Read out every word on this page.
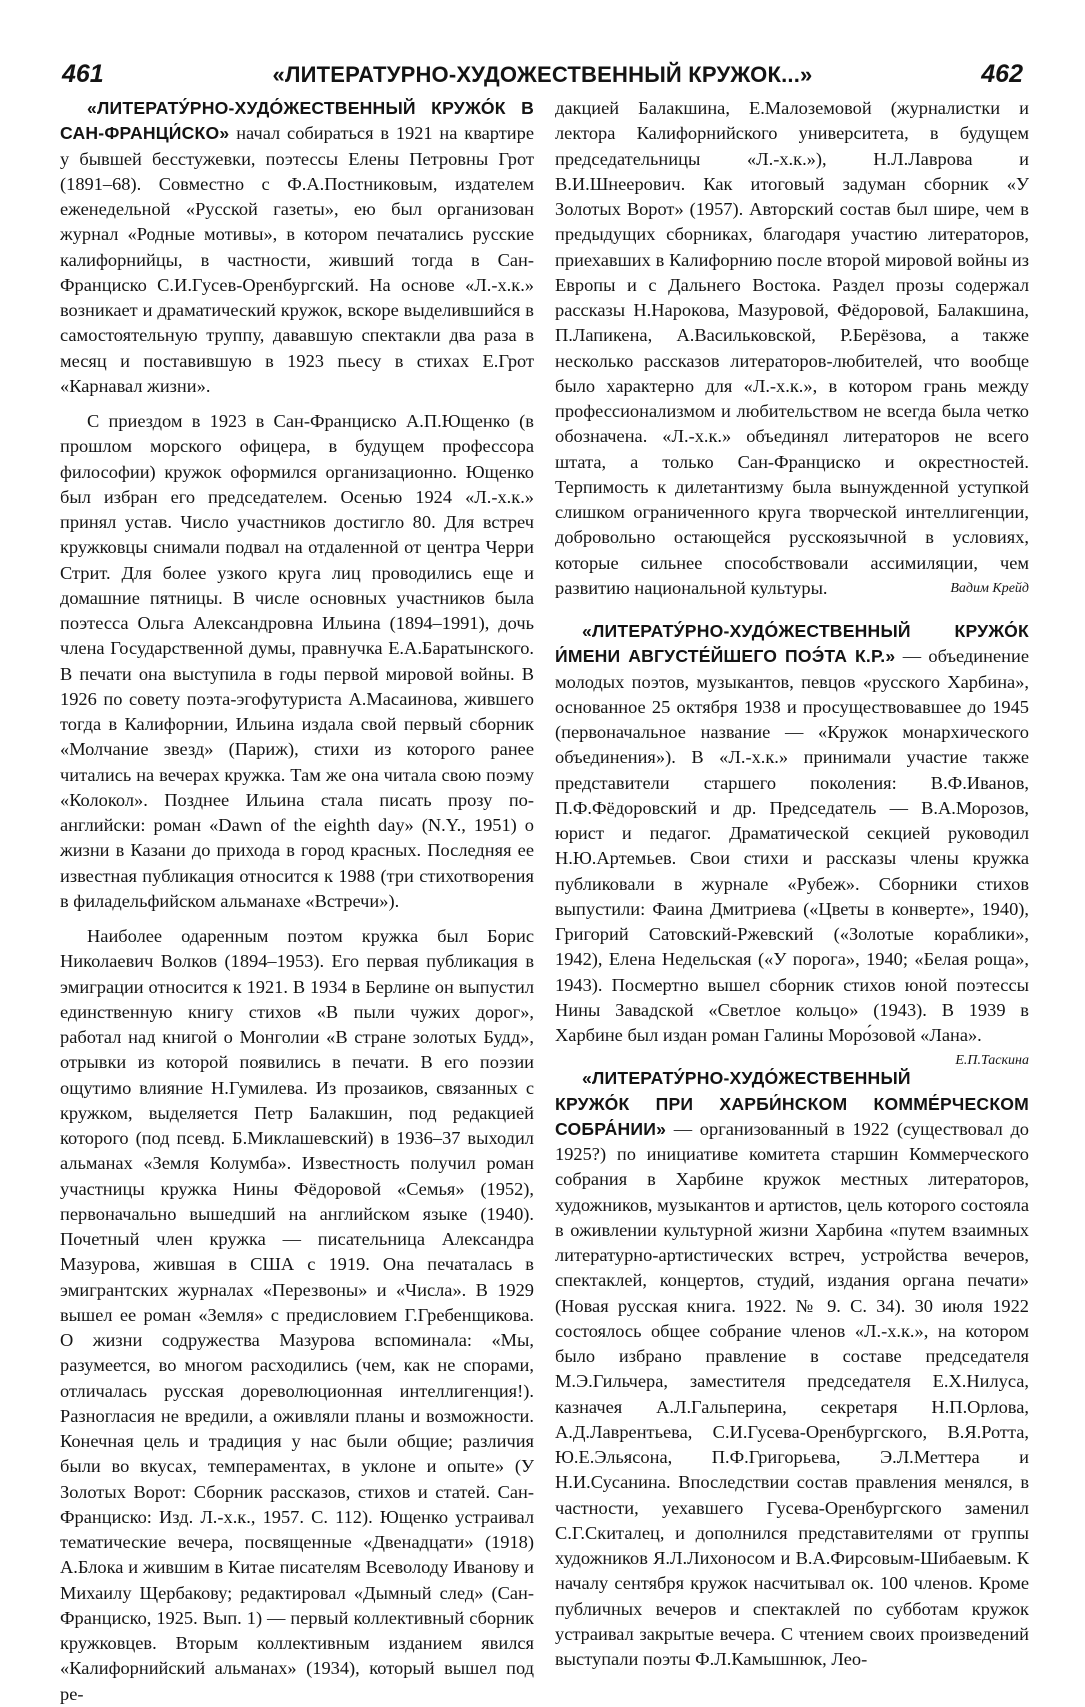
461	«ЛИТЕРАТУРНО-ХУДОЖЕСТВЕННЫЙ КРУЖОК...»	462

«ЛИТЕРАТУ́РНО-ХУДО́ЖЕСТВЕННЫЙ КРУЖО́К В САН-ФРАНЦИ́СКО» начал собираться в 1921 на квартире у бывшей бесстужевки, поэтессы Елены Петровны Грот (1891–68). Совместно с Ф.А.Постниковым, издателем еженедельной «Русской газеты», ею был организован журнал «Родные мотивы», в котором печатались русские калифорнийцы, в частности, живший тогда в Сан-Франциско С.И.Гусев-Оренбургский. На основе «Л.-х.к.» возникает и драматический кружок, вскоре выделившийся в самостоятельную труппу, дававшую спектакли два раза в месяц и поставившую в 1923 пьесу в стихах Е.Грот «Карнавал жизни».

С приездом в 1923 в Сан-Франциско А.П.Ющенко (в прошлом морского офицера, в будущем профессора философии) кружок оформился организационно. Ющенко был избран его председателем. Осенью 1924 «Л.-х.к.» принял устав. Число участников достигло 80. Для встреч кружковцы снимали подвал на отдаленной от центра Черри Стрит. Для более узкого круга лиц проводились еще и домашние пятницы. В числе основных участников была поэтесса Ольга Александровна Ильина (1894–1991), дочь члена Государственной думы, правнучка Е.А.Баратынского. В печати она выступила в годы первой мировой войны. В 1926 по совету поэта-эгофутуриста А.Масаинова, жившего тогда в Калифорнии, Ильина издала свой первый сборник «Молчание звезд» (Париж), стихи из которого ранее читались на вечерах кружка. Там же она читала свою поэму «Колокол». Позднее Ильина стала писать прозу по-английски: роман «Dawn of the eighth day» (N.Y., 1951) о жизни в Казани до прихода в город красных. Последняя ее известная публикация относится к 1988 (три стихотворения в филадельфийском альманахе «Встречи»).

Наиболее одаренным поэтом кружка был Борис Николаевич Волков (1894–1953). Его первая публикация в эмиграции относится к 1921. В 1934 в Берлине он выпустил единственную книгу стихов «В пыли чужих дорог», работал над книгой о Монголии «В стране золотых Будд», отрывки из которой появились в печати. В его поэзии ощутимо влияние Н.Гумилева. Из прозаиков, связанных с кружком, выделяется Петр Балакшин, под редакцией которого (под псевд. Б.Миклашевский) в 1936–37 выходил альманах «Земля Колумба». Известность получил роман участницы кружка Нины Фёдоровой «Семья» (1952), первоначально вышедший на английском языке (1940). Почетный член кружка — писательница Александра Мазурова, жившая в США с 1919. Она печаталась в эмигрантских журналах «Перезвоны» и «Числа». В 1929 вышел ее роман «Земля» с предисловием Г.Гребенщикова. О жизни содружества Мазурова вспоминала: «Мы, разумеется, во многом расходились (чем, как не спорами, отличалась русская дореволюционная интеллигенция!). Разногласия не вредили, а оживляли планы и возможности. Конечная цель и традиция у нас были общие; различия были во вкусах, темпераментах, в уклоне и опыте» (У Золотых Ворот: Сборник рассказов, стихов и статей. Сан-Франциско: Изд. Л.-х.к., 1957. С. 112). Ющенко устраивал тематические вечера, посвященные «Двенадцати» (1918) А.Блока и жившим в Китае писателям Всеволоду Иванову и Михаилу Щербакову; редактировал «Дымный след» (Сан-Франциско, 1925. Вып. 1) — первый коллективный сборник кружковцев. Вторым коллективным изданием явился «Калифорнийский альманах» (1934), который вышел под ре-

дакцией Балакшина, Е.Малоземовой (журналистки и лектора Калифорнийского университета, в будущем председательницы «Л.-х.к.»), Н.Л.Лаврова и В.И.Шнеерович. Как итоговый задуман сборник «У Золотых Ворот» (1957). Авторский состав был шире, чем в предыдущих сборниках, благодаря участию литераторов, приехавших в Калифорнию после второй мировой войны из Европы и с Дальнего Востока. Раздел прозы содержал рассказы Н.Нарокова, Мазуровой, Фёдоровой, Балакшина, П.Лапикена, А.Васильковской, Р.Берёзова, а также несколько рассказов литераторов-любителей, что вообще было характерно для «Л.-х.к.», в котором грань между профессионализмом и любительством не всегда была четко обозначена. «Л.-х.к.» объединял литераторов не всего штата, а только Сан-Франциско и окрестностей. Терпимость к дилетантизму была вынужденной уступкой слишком ограниченного круга творческой интеллигенции, добровольно остающейся русскоязычной в условиях, которые сильнее способствовали ассимиляции, чем развитию национальной культуры.	Вадим Крейд

«ЛИТЕРАТУ́РНО-ХУДО́ЖЕСТВЕННЫЙ КРУЖО́К И́МЕНИ АВГУСТЕ́ЙШЕГО ПОЭ́ТА К.Р.» — объединение молодых поэтов, музыкантов, певцов «русского Харбина», основанное 25 октября 1938 и просуществовавшее до 1945 (первоначальное название — «Кружок монархического объединения»). В «Л.-х.к.» принимали участие также представители старшего поколения: В.Ф.Иванов, П.Ф.Фёдоровский и др. Председатель — В.А.Морозов, юрист и педагог. Драматической секцией руководил Н.Ю.Артемьев. Свои стихи и рассказы члены кружка публиковали в журнале «Рубеж». Сборники стихов выпустили: Фаина Дмитриева («Цветы в конверте», 1940), Григорий Сатовский-Ржевский («Золотые кораблики», 1942), Елена Недельская («У порога», 1940; «Белая роща», 1943). Посмертно вышел сборник стихов юной поэтессы Нины Завадской «Светлое кольцо» (1943). В 1939 в Харбине был издан роман Галины Моро́зовой «Лана».
Е.П.Таскина

«ЛИТЕРАТУ́РНО-ХУДО́ЖЕСТВЕННЫЙ КРУЖО́К ПРИ ХАРБИ́НСКОМ КОММЕ́РЧЕСКОМ СОБРА́НИИ» — организованный в 1922 (существовал до 1925?) по инициативе комитета старшин Коммерческого собрания в Харбине кружок местных литераторов, художников, музыкантов и артистов, цель которого состояла в оживлении культурной жизни Харбина «путем взаимных литературно-артистических встреч, устройства вечеров, спектаклей, концертов, студий, издания органа печати» (Новая русская книга. 1922. № 9. С. 34). 30 июля 1922 состоялось общее собрание членов «Л.-х.к.», на котором было избрано правление в составе председателя М.Э.Гильчера, заместителя председателя Е.Х.Нилуса, казначея А.Л.Гальперина, секретаря Н.П.Орлова, А.Д.Лаврентьева, С.И.Гусева-Оренбургского, В.Я.Ротта, Ю.Е.Эльясона, П.Ф.Григорьева, Э.Л.Меттера и Н.И.Сусанина. Впоследствии состав правления менялся, в частности, уехавшего Гусева-Оренбургского заменил С.Г.Скиталец, и дополнился представителями от группы художников Я.Л.Лихоносом и В.А.Фирсовым-Шибаевым. К началу сентября кружок насчитывал ок. 100 членов. Кроме публичных вечеров и спектаклей по субботам кружок устраивал закрытые вечера. С чтением своих произведений выступали поэты Ф.Л.Камышнюк, Лео-
